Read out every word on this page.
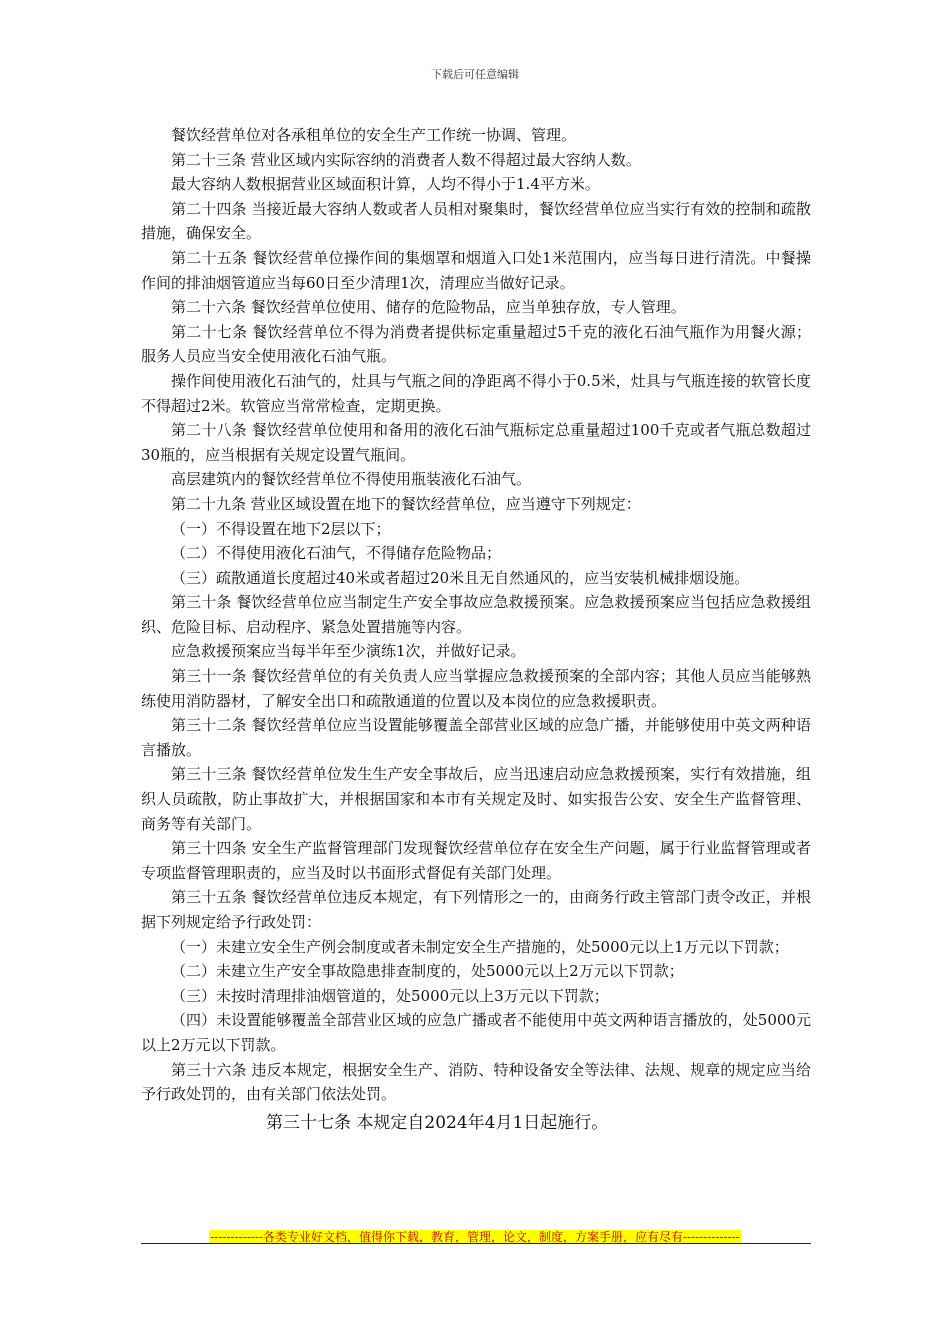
下载后可任意编辑

餐饮经营单位对各承租单位的安全生产工作统一协调、管理。

第二十三条 营业区域内实际容纳的消费者人数不得超过最大容纳人数。

最大容纳人数根据营业区域面积计算，人均不得小于1.4平方米。

第二十四条 当接近最大容纳人数或者人员相对聚集时，餐饮经营单位应当实行有效的控制和疏散措施，确保安全。

第二十五条 餐饮经营单位操作间的集烟罩和烟道入口处1米范围内，应当每日进行清洗。中餐操作间的排油烟管道应当每60日至少清理1次，清理应当做好记录。

第二十六条 餐饮经营单位使用、储存的危险物品，应当单独存放，专人管理。

第二十七条 餐饮经营单位不得为消费者提供标定重量超过5千克的液化石油气瓶作为用餐火源；服务人员应当安全使用液化石油气瓶。

操作间使用液化石油气的，灶具与气瓶之间的净距离不得小于0.5米，灶具与气瓶连接的软管长度不得超过2米。软管应当常常检查，定期更换。

第二十八条 餐饮经营单位使用和备用的液化石油气瓶标定总重量超过100千克或者气瓶总数超过30瓶的，应当根据有关规定设置气瓶间。

高层建筑内的餐饮经营单位不得使用瓶装液化石油气。

第二十九条 营业区域设置在地下的餐饮经营单位，应当遵守下列规定：

（一）不得设置在地下2层以下；

（二）不得使用液化石油气，不得储存危险物品；

（三）疏散通道长度超过40米或者超过20米且无自然通风的，应当安装机械排烟设施。

第三十条 餐饮经营单位应当制定生产安全事故应急救援预案。应急救援预案应当包括应急救援组织、危险目标、启动程序、紧急处置措施等内容。

应急救援预案应当每半年至少演练1次，并做好记录。

第三十一条 餐饮经营单位的有关负责人应当掌握应急救援预案的全部内容；其他人员应当能够熟练使用消防器材，了解安全出口和疏散通道的位置以及本岗位的应急救援职责。

第三十二条 餐饮经营单位应当设置能够覆盖全部营业区域的应急广播，并能够使用中英文两种语言播放。

第三十三条 餐饮经营单位发生生产安全事故后，应当迅速启动应急救援预案，实行有效措施，组织人员疏散，防止事故扩大，并根据国家和本市有关规定及时、如实报告公安、安全生产监督管理、商务等有关部门。

第三十四条 安全生产监督管理部门发现餐饮经营单位存在安全生产问题，属于行业监督管理或者专项监督管理职责的，应当及时以书面形式督促有关部门处理。

第三十五条 餐饮经营单位违反本规定，有下列情形之一的，由商务行政主管部门责令改正，并根据下列规定给予行政处罚：

（一）未建立安全生产例会制度或者未制定安全生产措施的，处5000元以上1万元以下罚款；

（二）未建立生产安全事故隐患排查制度的，处5000元以上2万元以下罚款；

（三）未按时清理排油烟管道的，处5000元以上3万元以下罚款；

（四）未设置能够覆盖全部营业区域的应急广播或者不能使用中英文两种语言播放的，处5000元以上2万元以下罚款。

第三十六条 违反本规定，根据安全生产、消防、特种设备安全等法律、法规、规章的规定应当给予行政处罚的，由有关部门依法处罚。

第三十七条 本规定自2024年4月1日起施行。

-------------各类专业好文档，值得你下载，教育，管理，论文，制度，方案手册，应有尽有--------------
